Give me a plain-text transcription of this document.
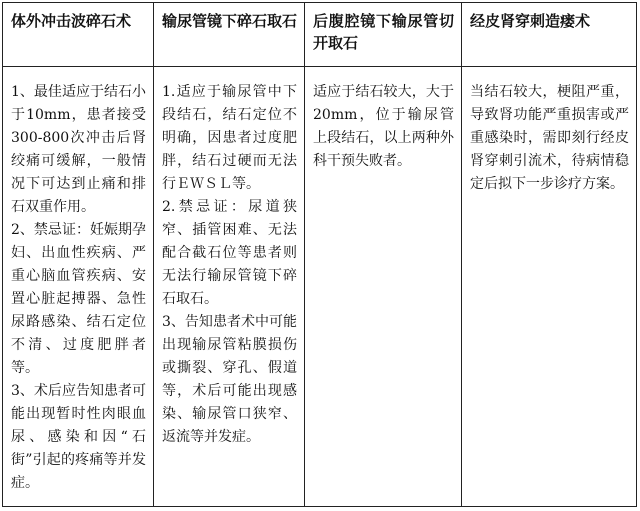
体外冲击波碎石术	输尿管镜下碎石取石	后腹腔镜下输尿管切开取石	经皮肾穿刺造瘘术

1、最佳适应于结石小于10mm，患者接受300-800次冲击后肾绞痛可缓解，一般情况下可达到止痛和排石双重作用。
2、禁忌证：妊娠期孕妇、出血性疾病、严重心脑血管疾病、安置心脏起搏器、急性尿路感染、结石定位不清、过度肥胖者等。
3、术后应告知患者可能出现暂时性肉眼血尿、感染和因“石街”引起的疼痛等并发症。	1.适应于输尿管中下段结石，结石定位不明确，因患者过度肥胖，结石过硬而无法行ＥＷＳＬ等。
2.禁忌证：尿道狭窄、插管困难、无法配合截石位等患者则无法行输尿管镜下碎石取石。
3、告知患者术中可能出现输尿管粘膜损伤或撕裂、穿孔、假道等，术后可能出现感染、输尿管口狭窄、返流等并发症。	适应于结石较大，大于20mm，位于输尿管上段结石，以上两种外科干预失败者。	当结石较大，梗阻严重，导致肾功能严重损害或严重感染时，需即刻行经皮肾穿刺引流术，待病情稳定后拟下一步诊疗方案。
